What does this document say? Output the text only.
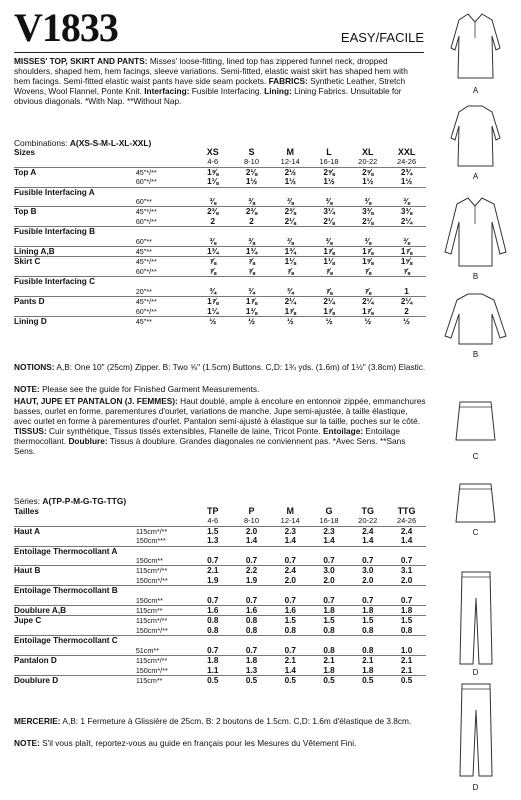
V1833	EASY/FACILE

MISSES' TOP, SKIRT AND PANTS: Misses' loose-fitting, lined top has zippered funnel neck, dropped shoulders, shaped hem, hem facings, sleeve variations. Semi-fitted, elastic waist skirt has shaped hem with hem facings. Semi-fitted elastic waist pants have side seam pockets. FABRICS: Synthetic Leather, Stretch Wovens, Wool Flannel, Ponte Knit. Interfacing: Fusible Interfacing. Lining: Lining Fabrics. Unsuitable for obvious diagonals. *With Nap. **Without Nap.

Combinations: A(XS-S-M-L-XL-XXL)
Sizes		XS	S	M	L	XL	XXL
		4-6	8-10	12-14	16-18	20-22	24-26
Top A	45"*/**	1⅝	2⅛	2½	2⅝	2⅝	2¾
	60"*/**	1⅛	1½	1½	1½	1½	1½
Fusible Interfacing A							
	60"**	⅜	⅜	⅜	⅜	⅜	⅜
Top B	45"*/**	2⅜	2⅜	2⅜	3¼	3⅜	3⅜
	60"*/**	2	2	2⅛	2⅛	2⅛	2¼
Fusible Interfacing B							
	60"**	⅜	⅜	⅜	⅜	⅜	⅜
Lining A,B	45"**	1¾	1¾	1¾	1⅞	1⅞	1⅞
Skirt C	45"*/**	⅞	⅞	1⅛	1⅛	1⅝	1⅝
	60"*/**	⅞	⅞	⅞	⅞	⅞	⅞
Fusible Interfacing C							
	20"**	¾	¾	¾	⅞	⅞	1
Pants D	45"*/**	1⅞	1⅞	2¼	2¼	2¼	2¼
	60"*/**	1¼	1⅜	1⅞	1⅞	1⅞	2
Lining D	45"**	½	½	½	½	½	½

NOTIONS: A,B: One 10" (25cm) Zipper. B: Two ⅝" (1.5cm) Buttons. C,D: 1¾ yds. (1.6m) of 1½" (3.8cm) Elastic.

NOTE: Please see the guide for Finished Garment Measurements.

HAUT, JUPE ET PANTALON (J. FEMMES): Haut doublé, ample à encolure en entonnoir zippée, emmanchures basses, ourlet en forme, parementures d'ourlet, variations de manche. Jupe semi-ajustée, à taille élastique, avec ourlet en forme à parementures d'ourlet. Pantalon semi-ajusté à élastique sur la taille, poches sur le côté. TISSUS: Cuir synthétique, Tissus tissés extensibles, Flanelle de laine, Tricot Ponte. Entoilage: Entoilage thermocollant. Doublure: Tissus à doublure. Grandes diagonales ne conviennent pas. *Avec Sens. **Sans Sens.

Séries: A(TP-P-M-G-TG-TTG)
Tailles		TP	P	M	G	TG	TTG
		4-6	8-10	12-14	16-18	20-22	24-26
Haut A	115cm*/**	1.5	2.0	2.3	2.3	2.4	2.4
	150cm***	1.3	1.4	1.4	1.4	1.4	1.4
Entoilage Thermocollant A							
	150cm**	0.7	0.7	0.7	0.7	0.7	0.7
Haut B	115cm*/**	2.1	2.2	2.4	3.0	3.0	3.1
	150cm*/**	1.9	1.9	2.0	2.0	2.0	2.0
Entoilage Thermocollant B							
	150cm**	0.7	0.7	0.7	0.7	0.7	0.7
Doublure A,B	115cm**	1.6	1.6	1.6	1.8	1.8	1.8
Jupe C	115cm*/**	0.8	0.8	1.5	1.5	1.5	1.5
	150cm*/**	0.8	0.8	0.8	0.8	0.8	0.8
Entoilage Thermocollant C							
	51cm**	0.7	0.7	0.7	0.8	0.8	1.0
Pantalon D	115cm*/**	1.8	1.8	2.1	2.1	2.1	2.1
	150cm*/**	1.1	1.3	1.4	1.8	1.8	2.1
Doublure D	115cm**	0.5	0.5	0.5	0.5	0.5	0.5

MERCERIE: A,B: 1 Fermeture à Glissière de 25cm. B: 2 boutons de 1.5cm. C,D: 1.6m d'élastique de 3.8cm.

NOTE: S'il vous plaît, reportez-vous au guide en français pour les Mesures du Vêtement Fini.

A
A
B
B
C
C
D
D
